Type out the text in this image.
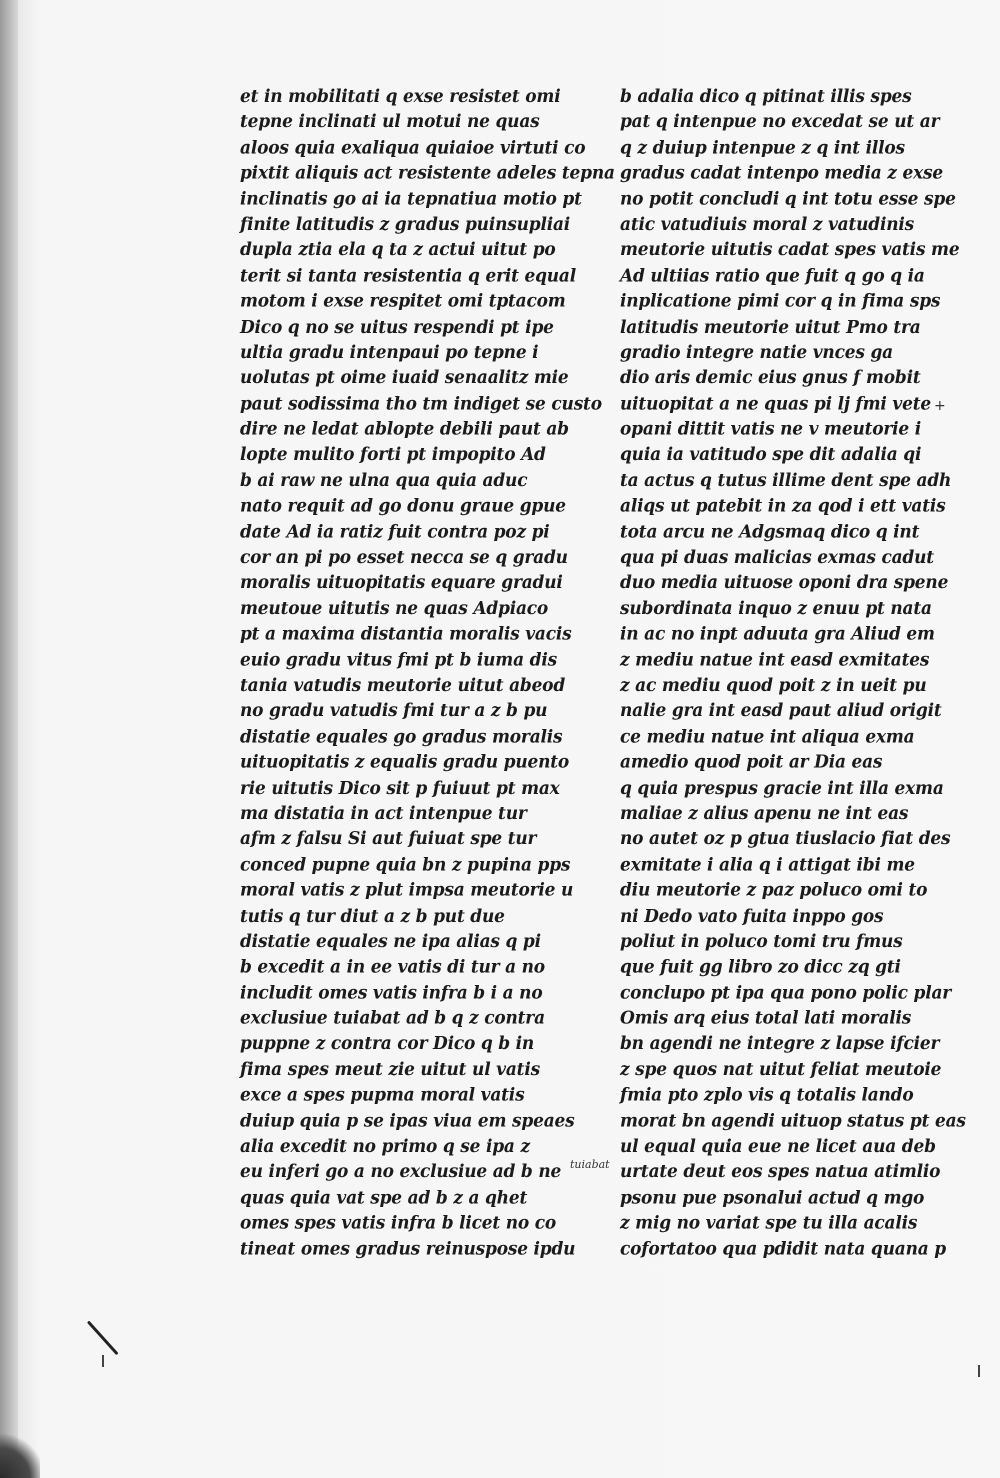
et in mobilitati q exse resistet omi
tepne inclinati ul motui ne quas
aloos quia exaliqua quiaioe virtuti co
pixtit aliquis act resistente adeles tepna
inclinatis go ai ia tepnatiua motio pt
finite latitudis z gradus puinsupliai
dupla ztia ela q ta z actui uitut po
terit si tanta resistentia q erit equal
motom i exse respitet omi tptacom
Dico q no se uitus respendi pt ipe
ultia gradu intenpaui po tepne i
uolutas pt oime iuaid senaalitz mie
paut sodissima tho tm indiget se custo
dire ne ledat ablopte debili paut ab
lopte mulito forti pt impopito Ad
b ai raw ne ulna qua quia aduc
nato requit ad go donu graue gpue
date Ad ia ratiz fuit contra poz pi
cor an pi po esset necca se q gradu
moralis uituopitatis equare gradui
meutoue uitutis ne quas Adpiaco
pt a maxima distantia moralis vacis
euio gradu vitus fmi pt b iuma dis
tania vatudis meutorie uitut abeod
no gradu vatudis fmi tur a z b pu
distatie equales go gradus moralis
uituopitatis z equalis gradu puento
rie uitutis Dico sit p fuiuut pt max
ma distatia in act intenpue tur
afm z falsu Si aut fuiuat spe tur
conced pupne quia bn z pupina pps
moral vatis z plut impsa meutorie u
tutis q tur diut a z b put due
distatie equales ne ipa alias q pi
b excedit a in ee vatis di tur a no
includit omes vatis infra b i a no
exclusiue tuiabat ad b q z contra
puppne z contra cor Dico q b in
fima spes meut zie uitut ul vatis
exce a spes pupma moral vatis
duiup quia p se ipas viua em speaes
alia excedit no primo q se ipa z
eu inferi go a no exclusiue ad b ne
quas quia vat spe ad b z a qhet
omes spes vatis infra b licet no co
tineat omes gradus reinuspose ipdu
b adalia dico q pitinat illis spes
pat q intenpue no excedat se ut ar
q z duiup intenpue z q int illos
gradus cadat intenpo media z exse
no potit concludi q int totu esse spe
atic vatudiuis moral z vatudinis
meutorie uitutis cadat spes vatis me
Ad ultiias ratio que fuit q go q ia
inplicatione pimi cor q in fima sps
latitudis meutorie uitut Pmo tra
gradio integre natie vnces ga
dio aris demic eius gnus f mobit
uituopitat a ne quas pi lj fmi vete
opani dittit vatis ne v meutorie i
quia ia vatitudo spe dit adalia qi
ta actus q tutus illime dent spe adh
aliqs ut patebit in za qod i ett vatis
tota arcu ne Adgsmaq dico q int
qua pi duas malicias exmas cadut
duo media uituose oponi dra spene
subordinata inquo z enuu pt nata
in ac no inpt aduuta gra Aliud em
z mediu natue int easd exmitates
z ac mediu quod poit z in ueit pu
nalie gra int easd paut aliud origit
ce mediu natue int aliqua exma
amedio quod poit ar Dia eas
q quia prespus gracie int illa exma
maliae z alius apenu ne int eas
no autet oz p gtua tiuslacio fiat des
exmitate i alia q i attigat ibi me
diu meutorie z paz poluco omi to
ni Dedo vato fuita inppo gos
poliut in poluco tomi tru fmus
que fuit gg libro zo dicc zq gti
conclupo pt ipa qua pono polic plar
Omis arq eius total lati moralis
bn agendi ne integre z lapse ifcier
z spe quos nat uitut feliat meutoie
fmia pto zplo vis q totalis lando
morat bn agendi uituop status pt eas
ul equal quia eue ne licet aua deb
urtate deut eos spes natua atimlio
psonu pue psonalui actud q mgo
z mig no variat spe tu illa acalis
cofortatoo qua pdidit nata quana p
tuiabat
+
